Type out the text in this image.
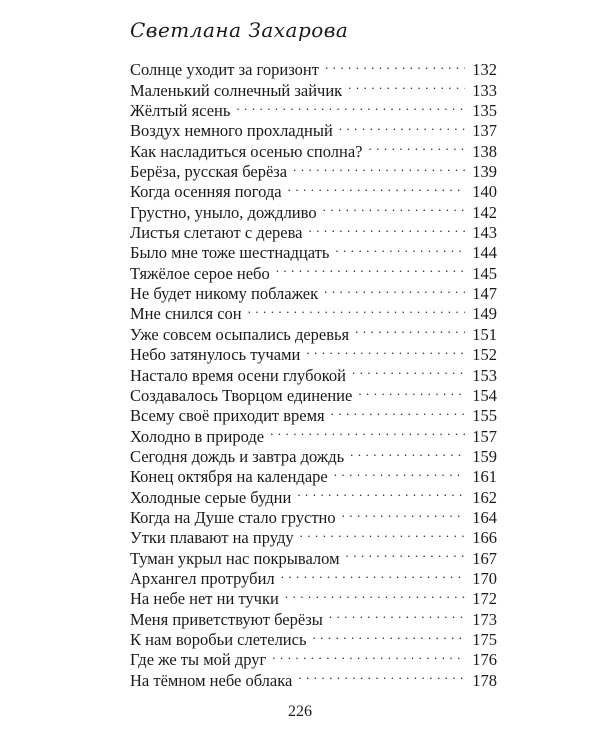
Светлана Захарова
Солнце уходит за горизонт . . .	132
Маленький солнечный зайчик . . .	133
Жёлтый ясень . . .	135
Воздух немного прохладный . . .	137
Как насладиться осенью сполна? . . .	138
Берёза, русская берёза . . .	139
Когда осенняя погода . . .	140
Грустно, уныло, дождливо . . .	142
Листья слетают с дерева . . .	143
Было мне тоже шестнадцать . . .	144
Тяжёлое серое небо . . .	145
Не будет никому поблажек . . .	147
Мне снился сон . . .	149
Уже совсем осыпались деревья . . .	151
Небо затянулось тучами . . .	152
Настало время осени глубокой . . .	153
Создавалось Творцом единение . . .	154
Всему своё приходит время . . .	155
Холодно в природе . . .	157
Сегодня дождь и завтра дождь . . .	159
Конец октября на календаре . . .	161
Холодные серые будни . . .	162
Когда на Душе стало грустно . . .	164
Утки плавают на пруду . . .	166
Туман укрыл нас покрывалом . . .	167
Архангел протрубил . . .	170
На небе нет ни тучки . . .	172
Меня приветствуют берёзы . . .	173
К нам воробьи слетелись . . .	175
Где же ты мой друг . . .	176
На тёмном небе облака . . .	178
226
